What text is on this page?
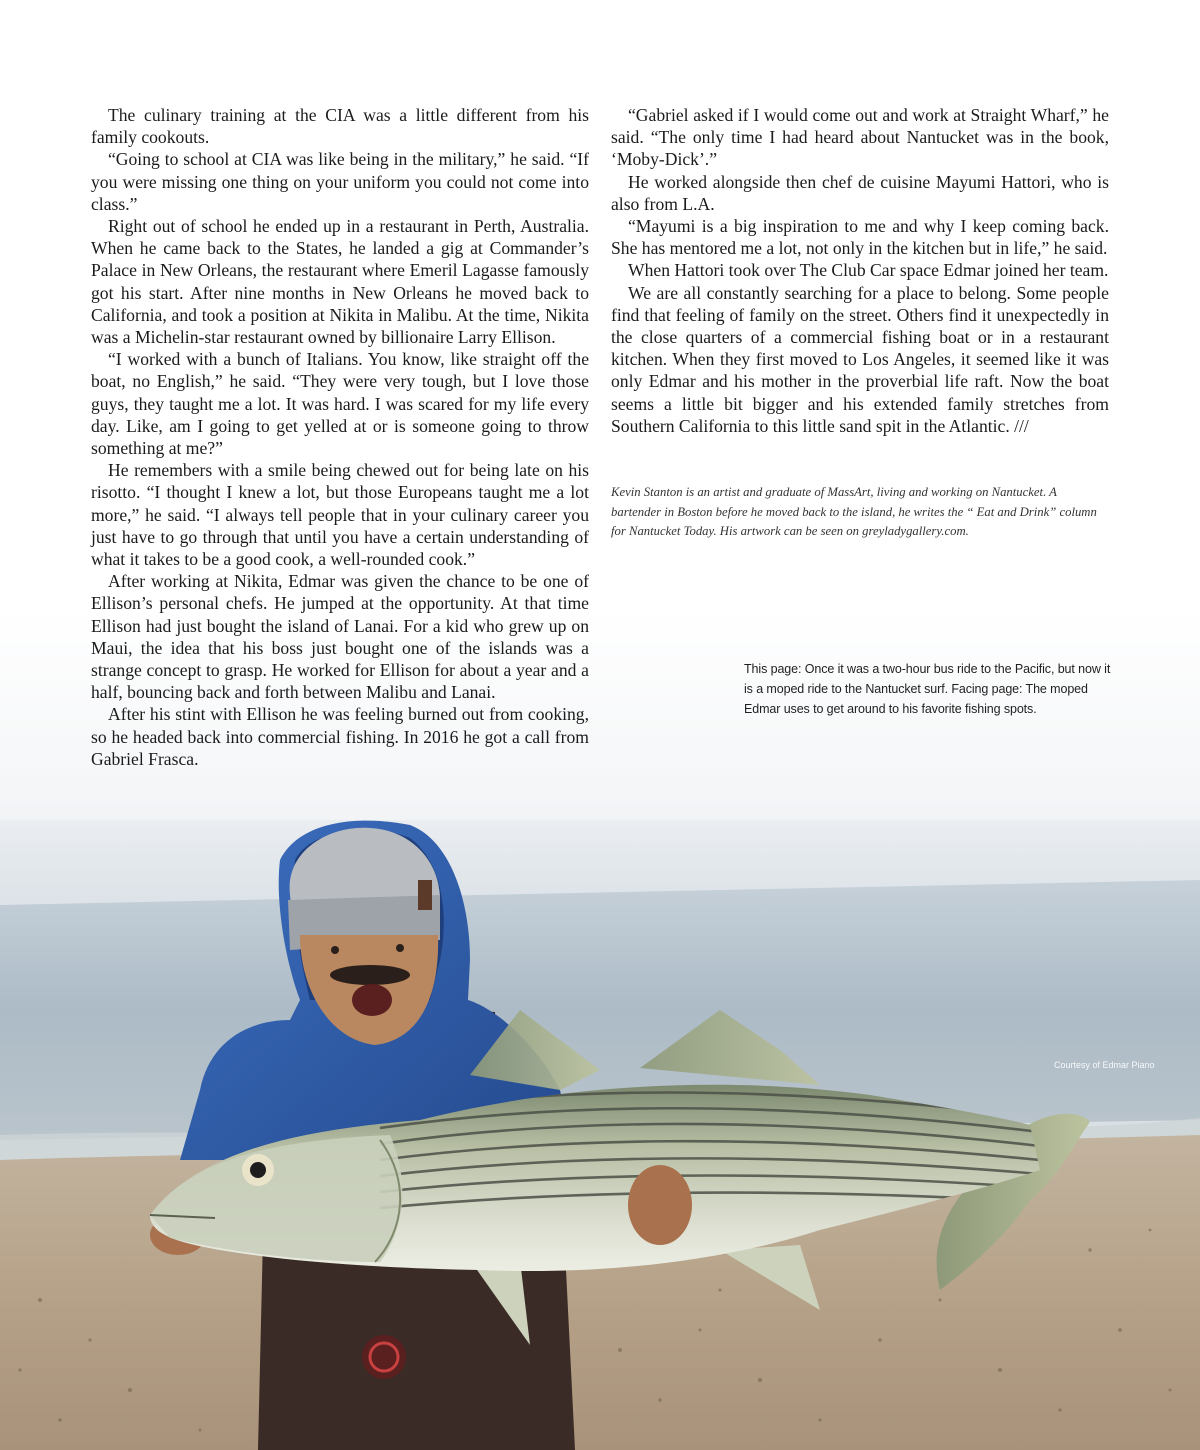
The culinary training at the CIA was a little different from his family cookouts.

“Going to school at CIA was like being in the military,” he said. “If you were missing one thing on your uniform you could not come into class.”

Right out of school he ended up in a restaurant in Perth, Australia. When he came back to the States, he landed a gig at Commander’s Palace in New Orleans, the restaurant where Emeril Lagasse famously got his start. After nine months in New Orleans he moved back to California, and took a position at Nikita in Malibu. At the time, Nikita was a Michelin-star restaurant owned by billionaire Larry Ellison.

“I worked with a bunch of Italians. You know, like straight off the boat, no English,” he said. “They were very tough, but I love those guys, they taught me a lot. It was hard. I was scared for my life every day. Like, am I going to get yelled at or is someone going to throw something at me?”

He remembers with a smile being chewed out for being late on his risotto. “I thought I knew a lot, but those Europeans taught me a lot more,” he said. “I always tell people that in your culinary career you just have to go through that until you have a certain understanding of what it takes to be a good cook, a well-rounded cook.”

After working at Nikita, Edmar was given the chance to be one of Ellison’s personal chefs. He jumped at the opportunity. At that time Ellison had just bought the island of Lanai. For a kid who grew up on Maui, the idea that his boss just bought one of the islands was a strange concept to grasp. He worked for Ellison for about a year and a half, bouncing back and forth between Malibu and Lanai.

After his stint with Ellison he was feeling burned out from cooking, so he headed back into commercial fishing. In 2016 he got a call from Gabriel Frasca.

“Gabriel asked if I would come out and work at Straight Wharf,” he said. “The only time I had heard about Nantucket was in the book, ‘Moby-Dick’.”

He worked alongside then chef de cuisine Mayumi Hattori, who is also from L.A.

“Mayumi is a big inspiration to me and why I keep coming back. She has mentored me a lot, not only in the kitchen but in life,” he said.

When Hattori took over The Club Car space Edmar joined her team.

We are all constantly searching for a place to belong. Some people find that feeling of family on the street. Others find it unexpectedly in the close quarters of a commercial fishing boat or in a restaurant kitchen. When they first moved to Los Angeles, it seemed like it was only Edmar and his mother in the proverbial life raft. Now the boat seems a little bit bigger and his extended family stretches from Southern California to this little sand spit in the Atlantic. ///

Kevin Stanton is an artist and graduate of MassArt, living and working on Nantucket. A bartender in Boston before he moved back to the island, he writes the “ Eat and Drink” column for Nantucket Today. His artwork can be seen on greyladygallery.com.

This page: Once it was a two-hour bus ride to the Pacific, but now it is a moped ride to the Nantucket surf. Facing page: The moped Edmar uses to get around to his favorite fishing spots.

Courtesy of Edmar Piano
